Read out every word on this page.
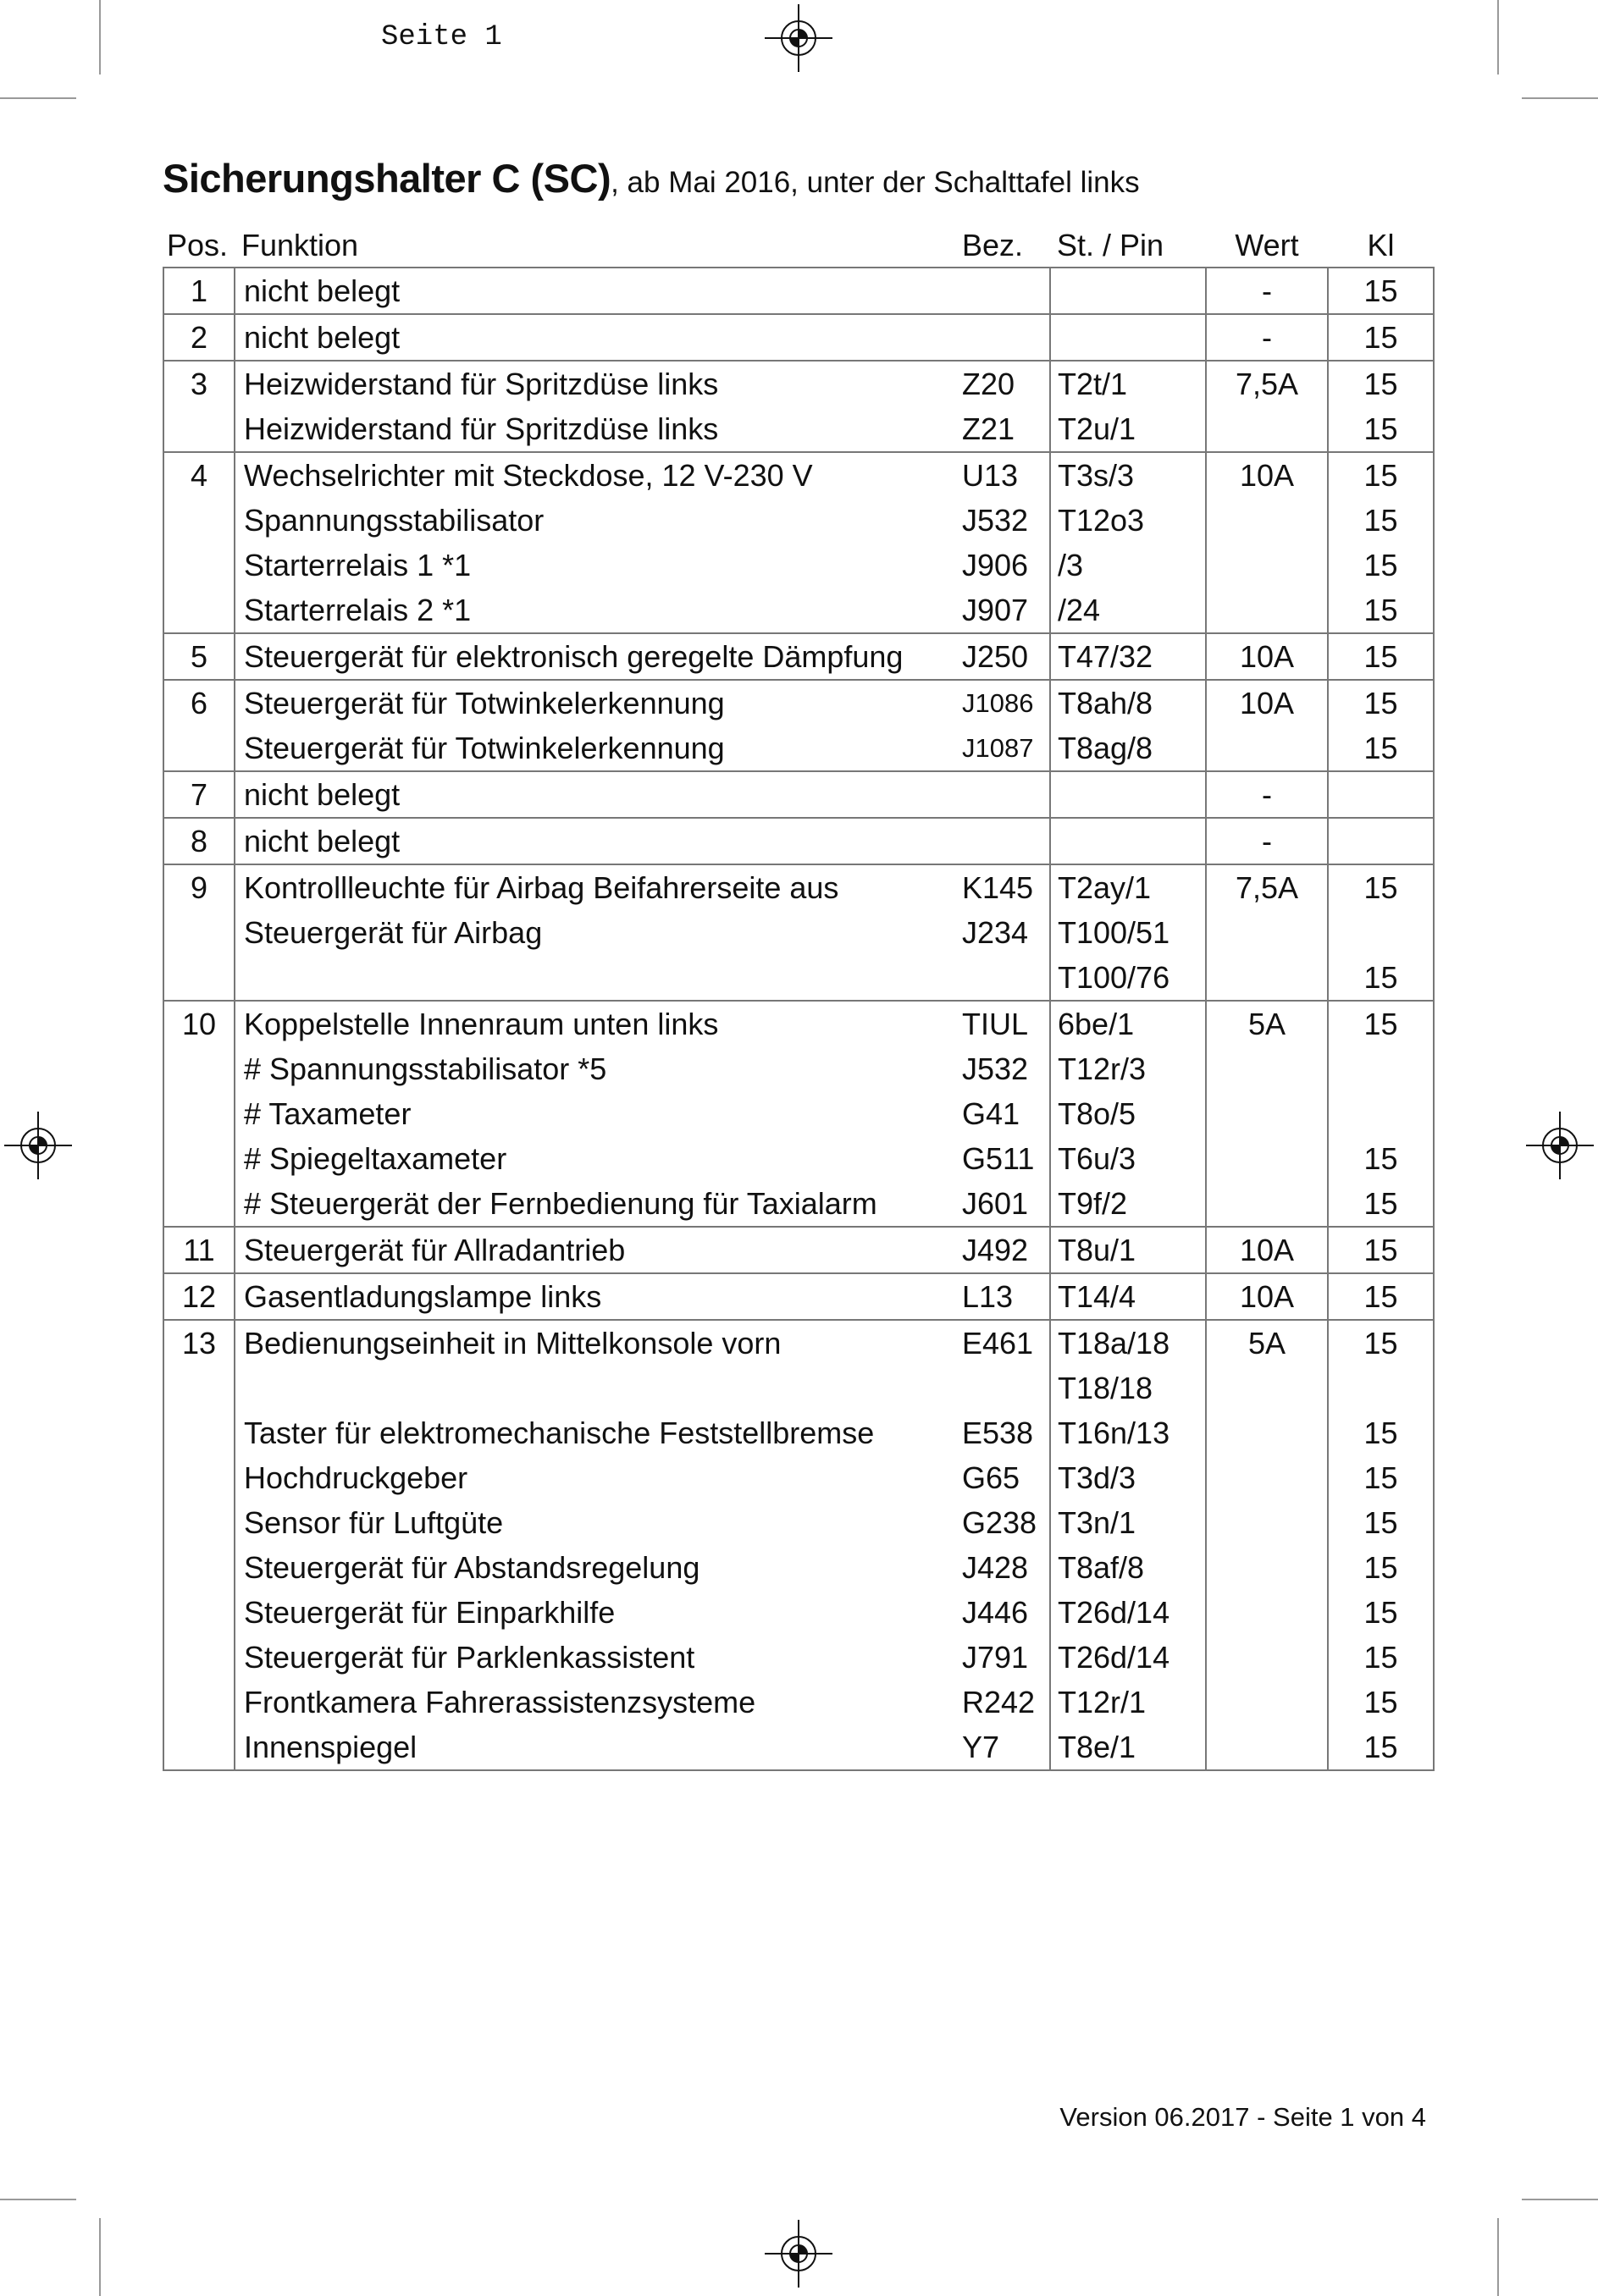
Seite 1
Sicherungshalter C (SC), ab Mai 2016, unter der Schalttafel links
Pos.	Funktion	Bez.	St. / Pin	Wert	Kl
1	nicht belegt			-	15
2	nicht belegt			-	15
3	Heizwiderstand für Spritzdüse links	Z20	T2t/1	7,5A	15
	Heizwiderstand für Spritzdüse links	Z21	T2u/1		15
4	Wechselrichter mit Steckdose, 12 V-230 V	U13	T3s/3	10A	15
	Spannungsstabilisator	J532	T12o3		15
	Starterrelais 1 *1	J906	/3		15
	Starterrelais 2 *1	J907	/24		15
5	Steuergerät für elektronisch geregelte Dämpfung	J250	T47/32	10A	15
6	Steuergerät für Totwinkelerkennung	J1086	T8ah/8	10A	15
	Steuergerät für Totwinkelerkennung	J1087	T8ag/8		15
7	nicht belegt			-	
8	nicht belegt			-	
9	Kontrollleuchte für Airbag Beifahrerseite aus	K145	T2ay/1	7,5A	15
	Steuergerät für Airbag	J234	T100/51		
			T100/76		15
10	Koppelstelle Innenraum unten links	TIUL	6be/1	5A	15
	# Spannungsstabilisator *5	J532	T12r/3		
	# Taxameter	G41	T8o/5		
	# Spiegeltaxameter	G511	T6u/3		15
	# Steuergerät der Fernbedienung für Taxialarm	J601	T9f/2		15
11	Steuergerät für Allradantrieb	J492	T8u/1	10A	15
12	Gasentladungslampe links	L13	T14/4	10A	15
13	Bedienungseinheit in Mittelkonsole vorn	E461	T18a/18	5A	15
			T18/18		
	Taster für elektromechanische Feststellbremse	E538	T16n/13		15
	Hochdruckgeber	G65	T3d/3		15
	Sensor für Luftgüte	G238	T3n/1		15
	Steuergerät für Abstandsregelung	J428	T8af/8		15
	Steuergerät für Einparkhilfe	J446	T26d/14		15
	Steuergerät für Parklenkassistent	J791	T26d/14		15
	Frontkamera Fahrerassistenzsysteme	R242	T12r/1		15
	Innenspiegel	Y7	T8e/1		15
Version 06.2017 - Seite 1 von 4
